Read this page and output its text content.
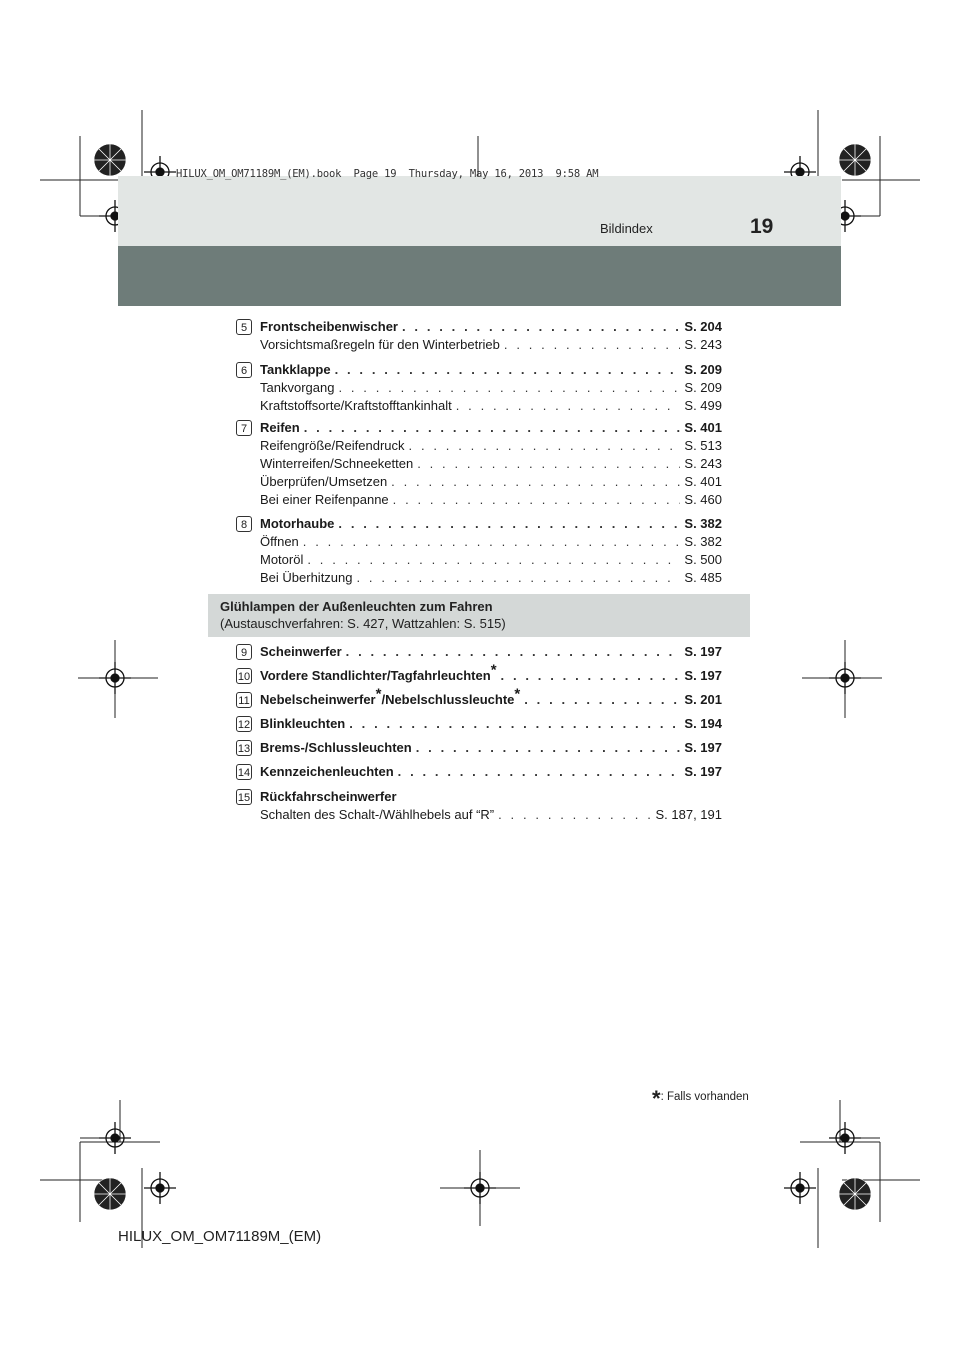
HILUX_OM_OM71189M_(EM).book  Page 19  Thursday, May 16, 2013  9:58 AM
Bildindex	19
5 Frontscheibenwischer . . .	S. 204
Vorsichtsmaßregeln für den Winterbetrieb . . .	S. 243
6 Tankklappe . . .	S. 209
Tankvorgang . . .	S. 209
Kraftstoffsorte/Kraftstofftankinhalt . . .	S. 499
7 Reifen . . .	S. 401
Reifengröße/Reifendruck . . .	S. 513
Winterreifen/Schneeketten . . .	S. 243
Überprüfen/Umsetzen . . .	S. 401
Bei einer Reifenpanne . . .	S. 460
8 Motorhaube . . .	S. 382
Öffnen . . .	S. 382
Motoröl . . .	S. 500
Bei Überhitzung . . .	S. 485
Glühlampen der Außenleuchten zum Fahren
(Austauschverfahren: S. 427, Wattzahlen: S. 515)
9 Scheinwerfer . . .	S. 197
10 Vordere Standlichter/Tagfahrleuchten* . . .	S. 197
11 Nebelscheinwerfer*/Nebelschlussleuchte* . . .	S. 201
12 Blinkleuchten . . .	S. 194
13 Brems-/Schlussleuchten . . .	S. 197
14 Kennzeichenleuchten . . .	S. 197
15 Rückfahrscheinwerfer
Schalten des Schalt-/Wählhebels auf “R” . . .	S. 187, 191
*: Falls vorhanden
HILUX_OM_OM71189M_(EM)
